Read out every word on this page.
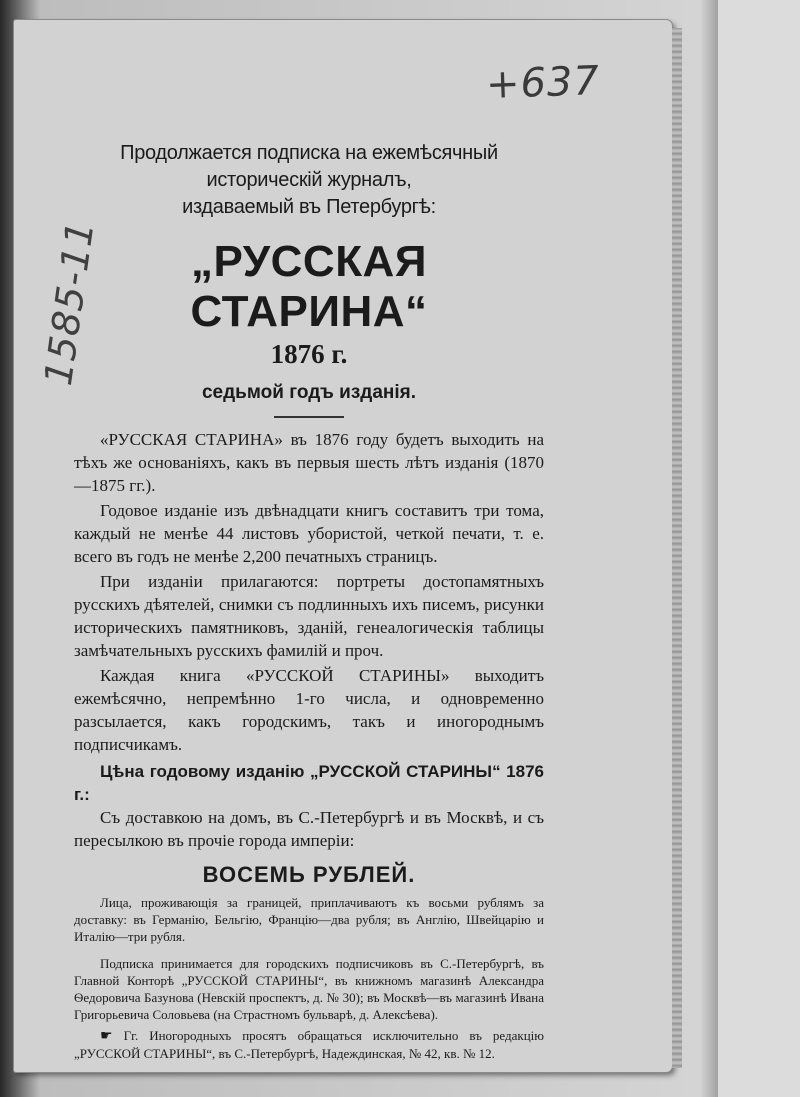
+637
1585-11
Продолжается подписка на ежемѣсячный историческій журналъ,
издаваемый въ Петербургѣ:
„РУССКАЯ СТАРИНА“
1876 г.
седьмой годъ изданія.

«РУССКАЯ СТАРИНА» въ 1876 году будетъ выходить на тѣхъ же основаніяхъ, какъ въ первыя шесть лѣтъ изданія (1870—1875 гг.).

Годовое изданіе изъ двѣнадцати книгъ составитъ три тома, каждый не менѣе 44 листовъ убористой, четкой печати, т. е. всего въ годъ не менѣе 2,200 печатныхъ страницъ.

При изданіи прилагаются: портреты достопамятныхъ русскихъ дѣятелей, снимки съ подлинныхъ ихъ писемъ, рисунки историческихъ памятниковъ, зданій, генеалогическія таблицы замѣчательныхъ русскихъ фамилій и проч.

Каждая книга «РУССКОЙ СТАРИНЫ» выходитъ ежемѣсячно, непремѣнно 1-го числа, и одновременно разсылается, какъ городскимъ, такъ и иногороднымъ подписчикамъ.

Цѣна годовому изданію „РУССКОЙ СТАРИНЫ“ 1876 г.:

Съ доставкою на домъ, въ С.-Петербургѣ и въ Москвѣ, и съ пересылкою въ прочіе города имперіи:

ВОСЕМЬ РУБЛЕЙ.

Лица, проживающія за границей, приплачиваютъ къ восьми рублямъ за доставку: въ Германію, Бельгію, Францію—два рубля; въ Англію, Швейцарію и Италію—три рубля.

Подписка принимается для городскихъ подписчиковъ въ С.-Петербургѣ, въ Главной Конторѣ „РУССКОЙ СТАРИНЫ“, въ книжномъ магазинѣ Александра Ѳедоровича Базунова (Невскій проспектъ, д. № 30); въ Москвѣ—въ магазинѣ Ивана Григорьевича Соловьева (на Страстномъ бульварѣ, д. Алексѣева).

☛ Гг. Иногородныхъ просятъ обращаться исключительно въ редакцію „РУССКОЙ СТАРИНЫ“, въ С.-Петербургѣ, Надеждинская, № 42, кв. № 12.
